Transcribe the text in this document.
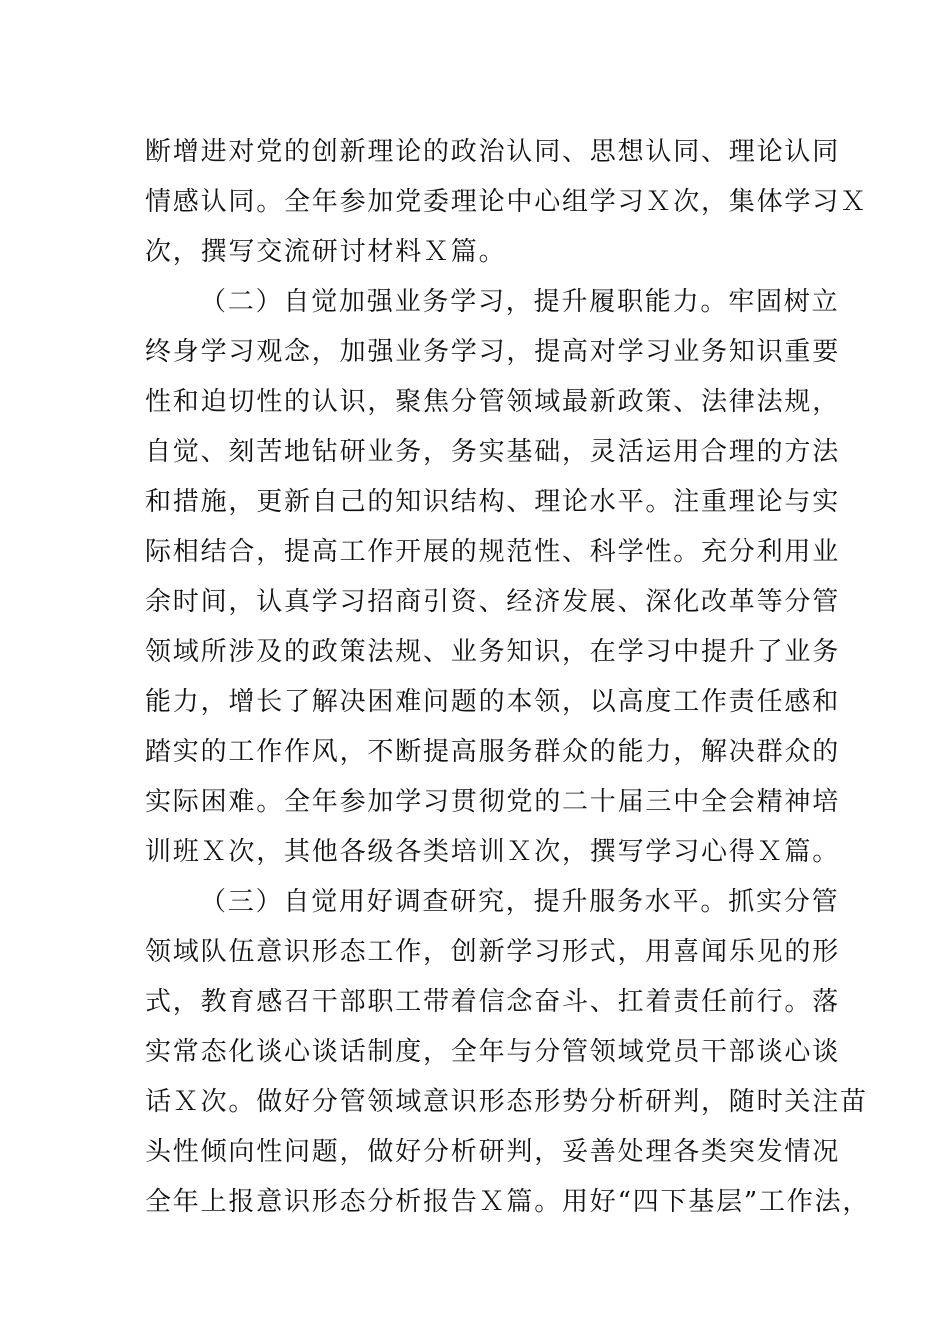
断增进对党的创新理论的政治认同、思想认同、理论认同
情感认同。全年参加党委理论中心组学习Ｘ次，集体学习Ｘ
次，撰写交流研讨材料Ｘ篇。
（二）自觉加强业务学习，提升履职能力。牢固树立
终身学习观念，加强业务学习，提高对学习业务知识重要
性和迫切性的认识，聚焦分管领域最新政策、法律法规，
自觉、刻苦地钻研业务，务实基础，灵活运用合理的方法
和措施，更新自己的知识结构、理论水平。注重理论与实
际相结合，提高工作开展的规范性、科学性。充分利用业
余时间，认真学习招商引资、经济发展、深化改革等分管
领域所涉及的政策法规、业务知识，在学习中提升了业务
能力，增长了解决困难问题的本领，以高度工作责任感和
踏实的工作作风，不断提高服务群众的能力，解决群众的
实际困难。全年参加学习贯彻党的二十届三中全会精神培
训班Ｘ次，其他各级各类培训Ｘ次，撰写学习心得Ｘ篇。
（三）自觉用好调查研究，提升服务水平。抓实分管
领域队伍意识形态工作，创新学习形式，用喜闻乐见的形
式，教育感召干部职工带着信念奋斗、扛着责任前行。落
实常态化谈心谈话制度，全年与分管领域党员干部谈心谈
话Ｘ次。做好分管领域意识形态形势分析研判，随时关注苗
头性倾向性问题，做好分析研判，妥善处理各类突发情况
全年上报意识形态分析报告Ｘ篇。用好“四下基层”工作法，
